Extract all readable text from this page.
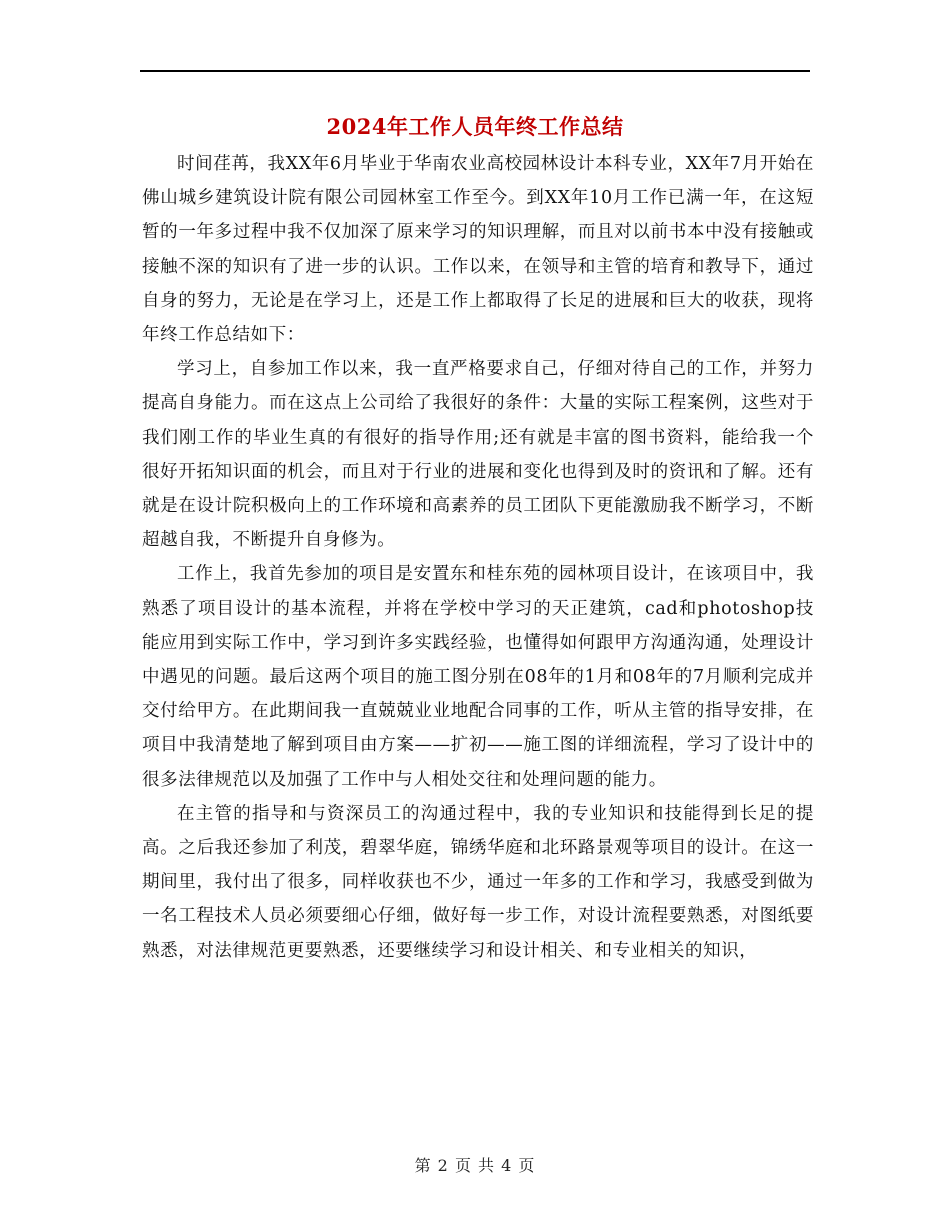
2024年工作人员年终工作总结

时间荏苒，我XX年6月毕业于华南农业高校园林设计本科专业，XX年7月开始在佛山城乡建筑设计院有限公司园林室工作至今。到XX年10月工作已满一年，在这短暂的一年多过程中我不仅加深了原来学习的知识理解，而且对以前书本中没有接触或接触不深的知识有了进一步的认识。工作以来，在领导和主管的培育和教导下，通过自身的努力，无论是在学习上，还是工作上都取得了长足的进展和巨大的收获，现将年终工作总结如下：

学习上，自参加工作以来，我一直严格要求自己，仔细对待自己的工作，并努力提高自身能力。而在这点上公司给了我很好的条件：大量的实际工程案例，这些对于我们刚工作的毕业生真的有很好的指导作用;还有就是丰富的图书资料，能给我一个很好开拓知识面的机会，而且对于行业的进展和变化也得到及时的资讯和了解。还有就是在设计院积极向上的工作环境和高素养的员工团队下更能激励我不断学习，不断超越自我，不断提升自身修为。

工作上，我首先参加的项目是安置东和桂东苑的园林项目设计，在该项目中，我熟悉了项目设计的基本流程，并将在学校中学习的天正建筑，cad和photoshop技能应用到实际工作中，学习到许多实践经验，也懂得如何跟甲方沟通沟通，处理设计中遇见的问题。最后这两个项目的施工图分别在08年的1月和08年的7月顺利完成并交付给甲方。在此期间我一直兢兢业业地配合同事的工作，听从主管的指导安排，在项目中我清楚地了解到项目由方案——扩初——施工图的详细流程，学习了设计中的很多法律规范以及加强了工作中与人相处交往和处理问题的能力。

在主管的指导和与资深员工的沟通过程中，我的专业知识和技能得到长足的提高。之后我还参加了利茂，碧翠华庭，锦绣华庭和北环路景观等项目的设计。在这一期间里，我付出了很多，同样收获也不少，通过一年多的工作和学习，我感受到做为一名工程技术人员必须要细心仔细，做好每一步工作，对设计流程要熟悉，对图纸要熟悉，对法律规范更要熟悉，还要继续学习和设计相关、和专业相关的知识，

第 2 页 共 4 页
